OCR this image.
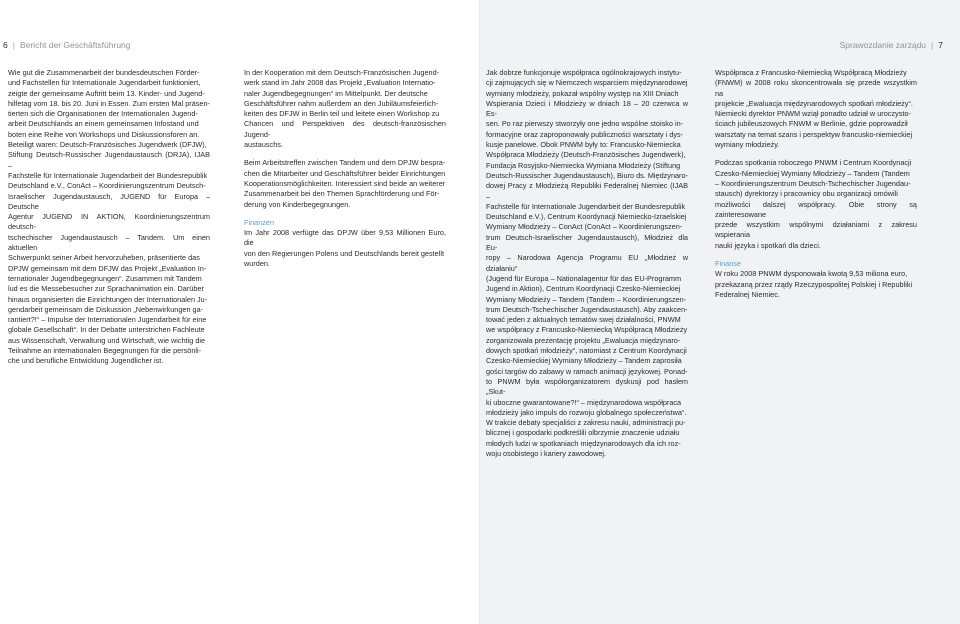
6 | Bericht der Geschäftsführung

Wie gut die Zusammenarbeit der bundesdeutschen Förder-
und Fachstellen für Internationale Jugendarbeit funktioniert,
zeigte der gemeinsame Auftritt beim 13. Kinder- und Jugend-
hilfetag vom 18. bis 20. Juni in Essen. Zum ersten Mal präsen-
tierten sich die Organisationen der Internationalen Jugend-
arbeit Deutschlands an einem gemeinsamen Infostand und
boten eine Reihe von Workshops und Diskussionsforen an.
Beteiligt waren: Deutsch-Französisches Jugendwerk (DFJW),
Stiftung Deutsch-Russischer Jugendaustausch (DRJA), IJAB –
Fachstelle für Internationale Jugendarbeit der Bundesrepublik
Deutschland e.V., ConAct – Koordinierungszentrum Deutsch-
Israelischer Jugendaustausch, JUGEND für Europa – Deutsche
Agentur JUGEND IN AKTION, Koordinierungszentrum deutsch-
tschechischer Jugendaustausch – Tandem. Um einen aktuellen
Schwerpunkt seiner Arbeit hervorzuheben, präsentierte das
DPJW gemeinsam mit dem DFJW das Projekt „Evaluation In-
ternationaler Jugendbegegnungen“. Zusammen mit Tandem
lud es die Messebesucher zur Sprachanimation ein. Darüber
hinaus organisierten die Einrichtungen der Internationalen Ju-
gendarbeit gemeinsam die Diskussion „Nebenwirkungen ga-
rantiert?!“ – Impulse der Internationalen Jugendarbeit für eine
globale Gesellschaft“. In der Debatte unterstrichen Fachleute
aus Wissenschaft, Verwaltung und Wirtschaft, wie wichtig die
Teilnahme an internationalen Begegnungen für die persönli-
che und berufliche Entwicklung Jugendlicher ist.

In der Kooperation mit dem Deutsch-Französischen Jugend-
werk stand im Jahr 2008 das Projekt „Evaluation Internatio-
naler Jugendbegegnungen“ im Mittelpunkt. Der deutsche
Geschäftsführer nahm außerdem an den Jubiläumsfeierlich-
keiten des DFJW in Berlin teil und leitete einen Workshop zu
Chancen und Perspektiven des deutsch-französischen Jugend-
austauschs.

Beim Arbeitstreffen zwischen Tandem und dem DPJW bespra-
chen die Mitarbeiter und Geschäftsführer beider Einrichtungen
Kooperationsmöglichkeiten. Interessiert sind beide an weiterer
Zusammenarbeit bei den Themen Sprachförderung und För-
derung von Kinderbegegnungen.

Finanzen

Im Jahr 2008 verfügte das DPJW über 9,53 Millionen Euro, die
von den Regierungen Polens und Deutschlands bereit gestellt
wurden.

Sprawozdanie zarządu | 7

Jak dobrze funkcjonuje współpraca ogólnokrajowych instytu-
cji zajmujących się w Niemczech wsparciem międzynarodowej
wymiany młodzieży, pokazał wspólny występ na XIII Dniach
Wspierania Dzieci i Młodzieży w dniach 18 – 20 czerwca w Es-
sen. Po raz pierwszy stworzyły one jedno wspólne stoisko in-
formacyjne oraz zaproponowały publiczności warsztaty i dys-
kusje panelowe. Obok PNWM były to: Francusko-Niemiecka
Współpraca Młodzieży (Deutsch-Französisches Jugendwerk),
Fundacja Rosyjsko-Niemiecka Wymiana Młodzieży (Stiftung
Deutsch-Russischer Jugendaustausch), Biuro ds. Międzynaro-
dowej Pracy z Młodzieżą Republiki Federalnej Niemiec (IJAB –
Fachstelle für Internationale Jugendarbeit der Bundesrepublik
Deutschland e.V.), Centrum Koordynacji Niemiecko-Izraelskiej
Wymiany Młodzieży – ConAct (ConAct – Koordinierungszen-
trum Deutsch-Israelischer Jugendaustausch), Młodzież dla Eu-
ropy – Narodowa Agencja Programu EU „Młodzież w działaniu“
(Jugend für Europa – Nationalagentur für das EU-Programm
Jugend in Aktion), Centrum Koordynacji Czesko-Niemieckiej
Wymiany Młodzieży – Tandem (Tandem – Koordinierungszen-
trum Deutsch-Tschechischer Jugendaustausch). Aby zaakcen-
tować jeden z aktualnych tematów swej działalności, PNWM
we współpracy z Francusko-Niemiecką Współpracą Młodzieży
zorganizowała prezentację projektu „Ewaluacja międzynaro-
dowych spotkań młodzieży“, natomiast z Centrum Koordynacji
Czesko-Niemieckiej Wymiany Młodzieży – Tandem zaprosiła
gości targów do zabawy w ramach animacji językowej. Ponad-
to PNWM była współorganizatorem dyskusji pod hasłem „Skut-
ki uboczne gwarantowane?!“ – międzynarodowa współpraca
młodzieży jako impuls do rozwoju globalnego społeczeństwa“.
W trakcie debaty specjaliści z zakresu nauki, administracji pu-
blicznej i gospodarki podkreślili olbrzymie znaczenie udziału
młodych ludzi w spotkaniach międzynarodowych dla ich roz-
woju osobistego i kariery zawodowej.

Współpraca z Francusko-Niemiecką Współpracą Młodzieży
(FNWM) w 2008 roku skoncentrowała się przede wszystkim na
projekcie „Ewaluacja międzynarodowych spotkań młodzieży“.
Niemiecki dyrektor PNWM wziął ponadto udział w uroczysto-
ściach jubileuszowych FNWM w Berlinie, gdzie poprowadził
warsztaty na temat szans i perspektyw francusko-niemieckiej
wymiany młodzieży.

Podczas spotkania roboczego PNWM i Centrum Koordynacji
Czesko-Niemieckiej Wymiany Młodzieży – Tandem (Tandem
– Koordinierungszentrum Deutsch-Tschechischer Jugendau-
stausch) dyrektorzy i pracownicy obu organizacji omówili
możliwości dalszej współpracy. Obie strony są zainteresowane
przede wszystkim wspólnymi działaniami z zakresu wspierania
nauki języka i spotkań dla dzieci.

Finanse

W roku 2008 PNWM dysponowała kwotą 9,53 miliona euro,
przekazaną przez rządy Rzeczypospolitej Polskiej i Republiki
Federalnej Niemiec.
